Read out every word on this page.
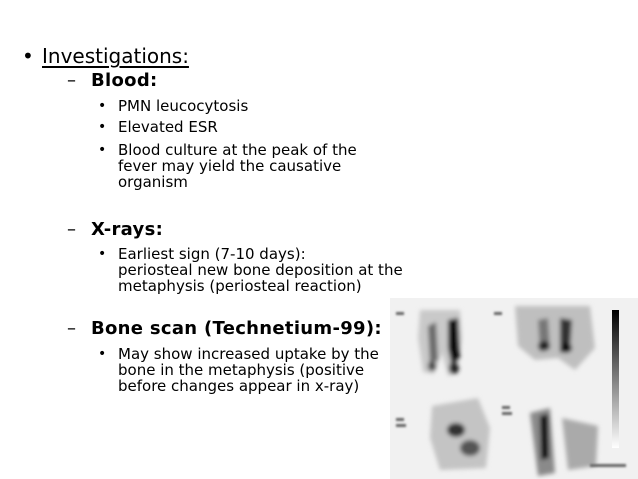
• Investigations:
– Blood:
• PMN leucocytosis
• Elevated ESR
• Blood culture at the peak of the
fever may yield the causative
organism
– X-rays:
• Earliest sign (7-10 days):
periosteal new bone deposition at the
metaphysis (periosteal reaction)
– Bone scan (Technetium-99):
• May show increased uptake by the
bone in the metaphysis (positive
before changes appear in x-ray)
